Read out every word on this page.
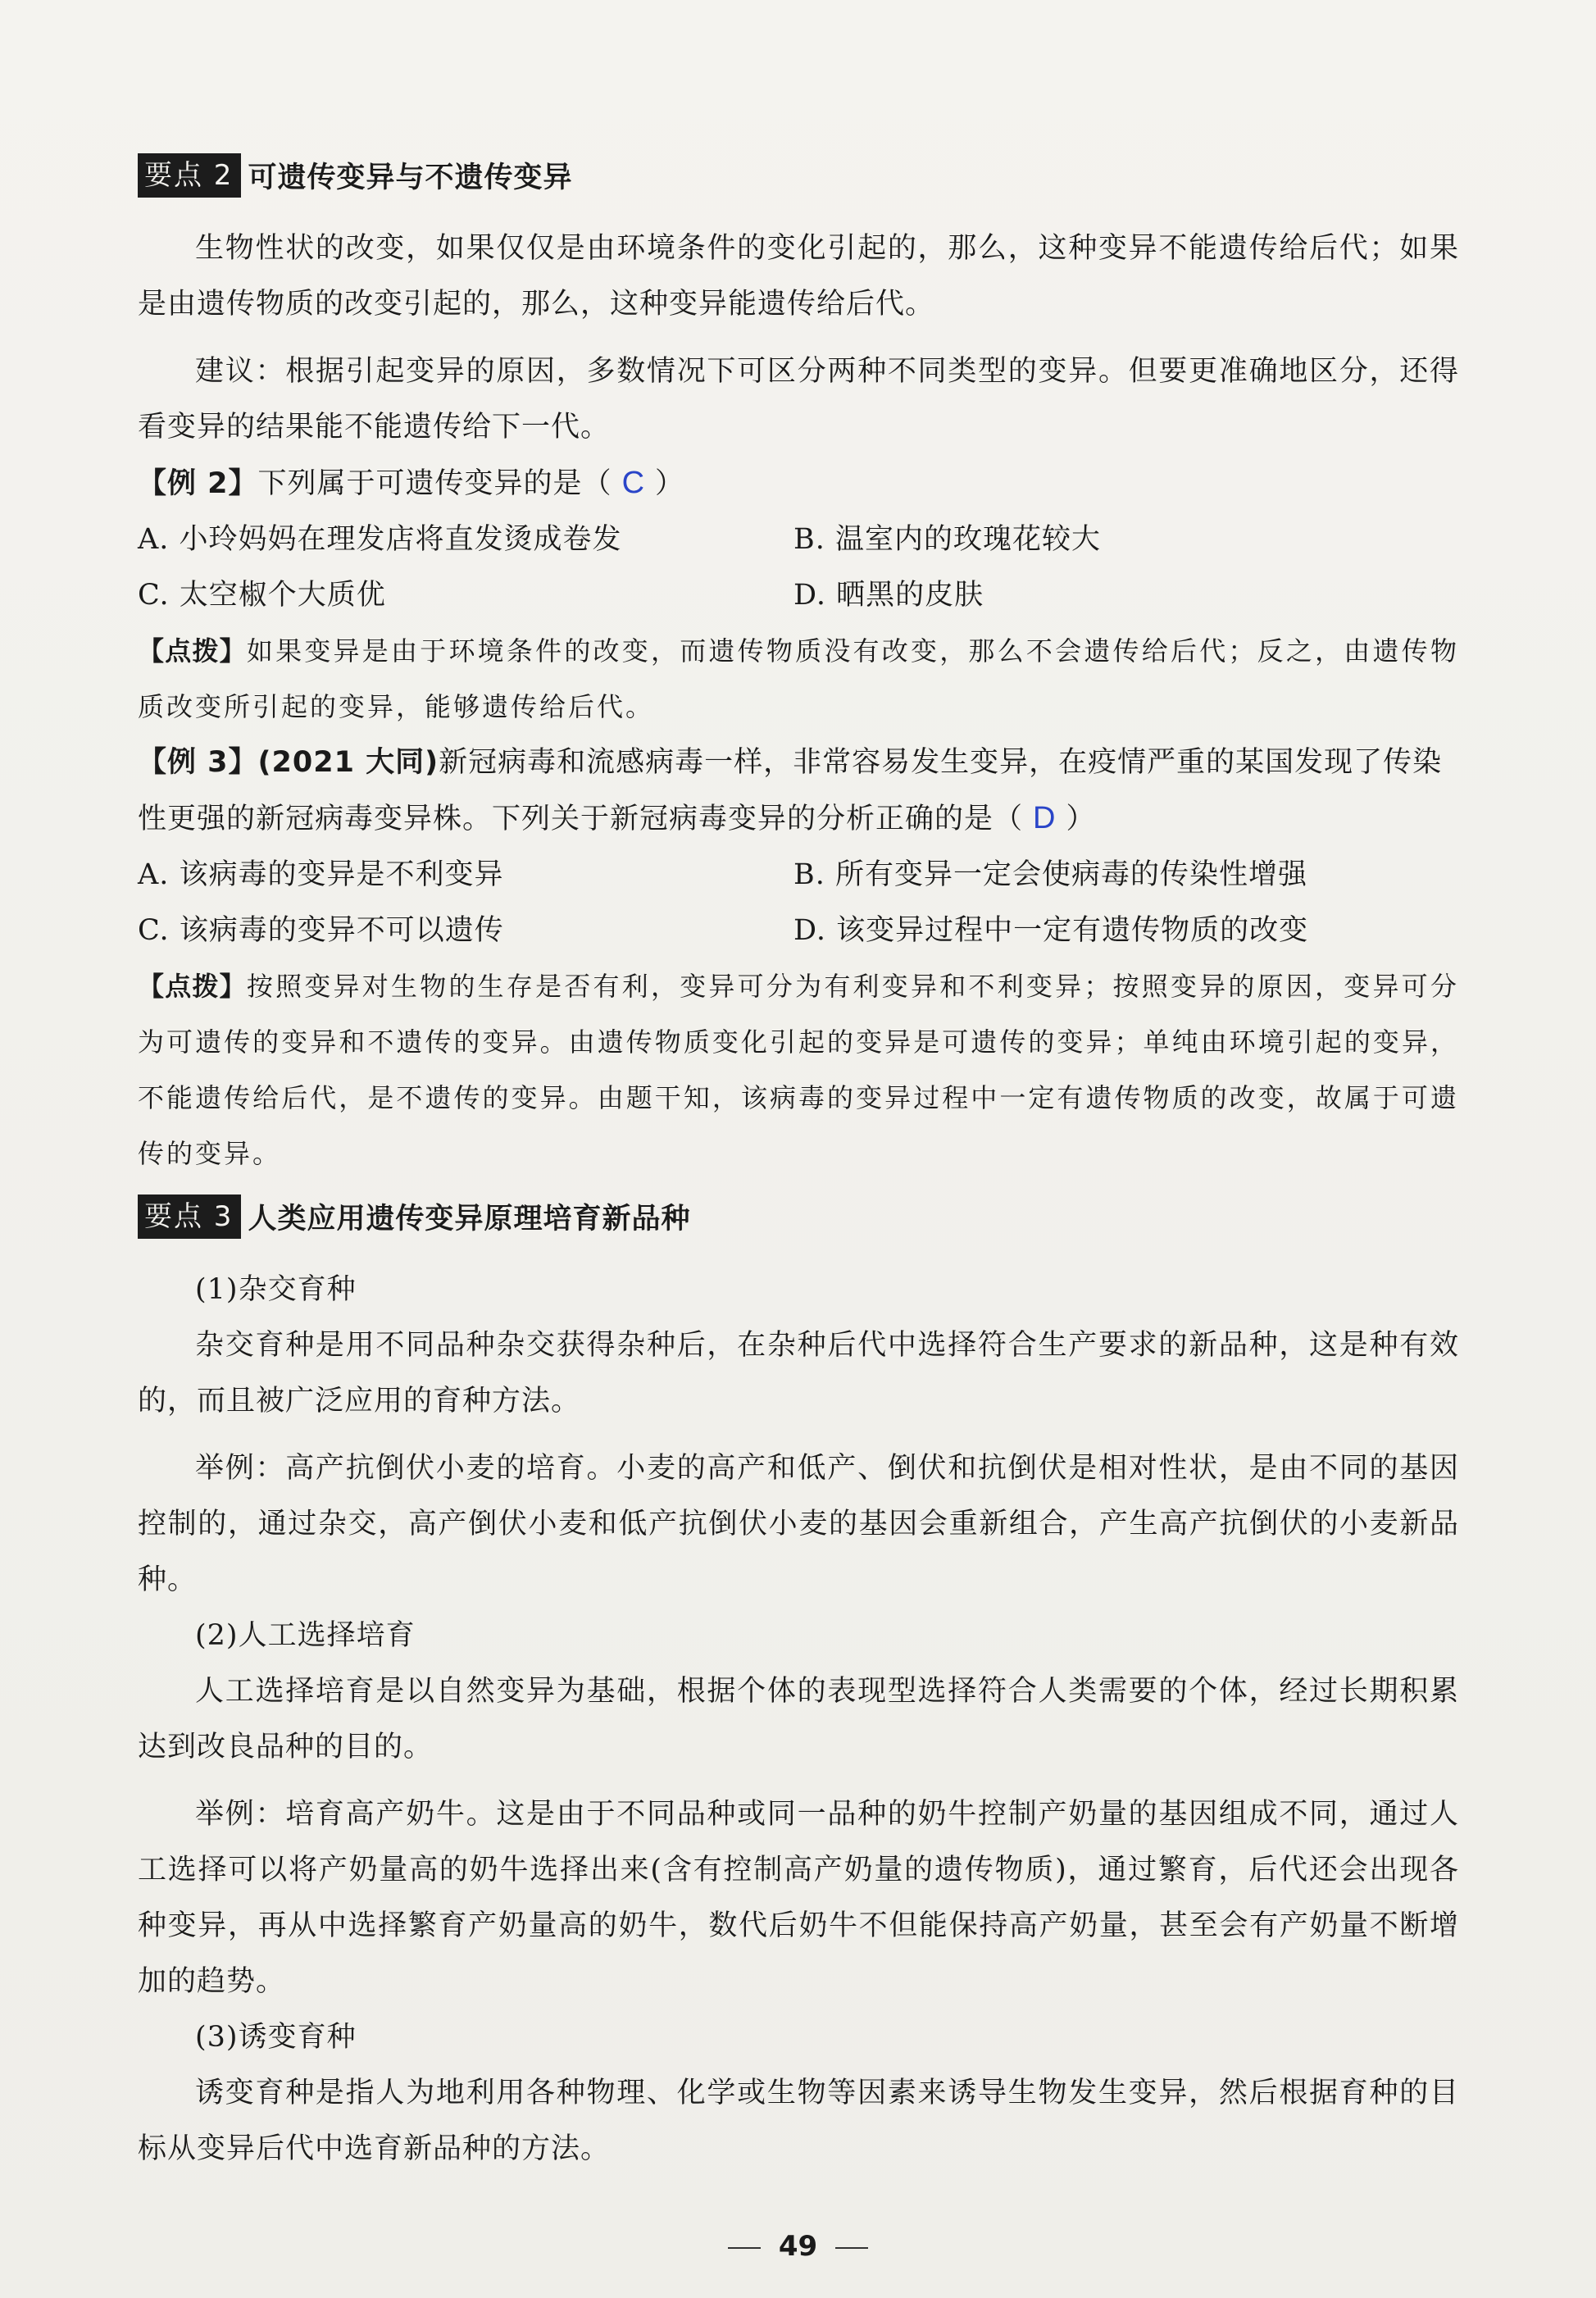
要点 2 可遗传变异与不遗传变异

生物性状的改变，如果仅仅是由环境条件的变化引起的，那么，这种变异不能遗传给后代；如果是由遗传物质的改变引起的，那么，这种变异能遗传给后代。

建议：根据引起变异的原因，多数情况下可区分两种不同类型的变异。但要更准确地区分，还得看变异的结果能不能遗传给下一代。

【例 2】下列属于可遗传变异的是（ C ）

A. 小玲妈妈在理发店将直发烫成卷发	B. 温室内的玫瑰花较大
C. 太空椒个大质优	D. 晒黑的皮肤

【点拨】如果变异是由于环境条件的改变，而遗传物质没有改变，那么不会遗传给后代；反之，由遗传物质改变所引起的变异，能够遗传给后代。

【例 3】(2021 大同)新冠病毒和流感病毒一样，非常容易发生变异，在疫情严重的某国发现了传染性更强的新冠病毒变异株。下列关于新冠病毒变异的分析正确的是（ D ）

A. 该病毒的变异是不利变异	B. 所有变异一定会使病毒的传染性增强
C. 该病毒的变异不可以遗传	D. 该变异过程中一定有遗传物质的改变

【点拨】按照变异对生物的生存是否有利，变异可分为有利变异和不利变异；按照变异的原因，变异可分为可遗传的变异和不遗传的变异。由遗传物质变化引起的变异是可遗传的变异；单纯由环境引起的变异，不能遗传给后代，是不遗传的变异。由题干知，该病毒的变异过程中一定有遗传物质的改变，故属于可遗传的变异。

要点 3 人类应用遗传变异原理培育新品种

(1)杂交育种

杂交育种是用不同品种杂交获得杂种后，在杂种后代中选择符合生产要求的新品种，这是种有效的，而且被广泛应用的育种方法。

举例：高产抗倒伏小麦的培育。小麦的高产和低产、倒伏和抗倒伏是相对性状，是由不同的基因控制的，通过杂交，高产倒伏小麦和低产抗倒伏小麦的基因会重新组合，产生高产抗倒伏的小麦新品种。

(2)人工选择培育

人工选择培育是以自然变异为基础，根据个体的表现型选择符合人类需要的个体，经过长期积累达到改良品种的目的。

举例：培育高产奶牛。这是由于不同品种或同一品种的奶牛控制产奶量的基因组成不同，通过人工选择可以将产奶量高的奶牛选择出来(含有控制高产奶量的遗传物质)，通过繁育，后代还会出现各种变异，再从中选择繁育产奶量高的奶牛，数代后奶牛不但能保持高产奶量，甚至会有产奶量不断增加的趋势。

(3)诱变育种

诱变育种是指人为地利用各种物理、化学或生物等因素来诱导生物发生变异，然后根据育种的目标从变异后代中选育新品种的方法。

49
